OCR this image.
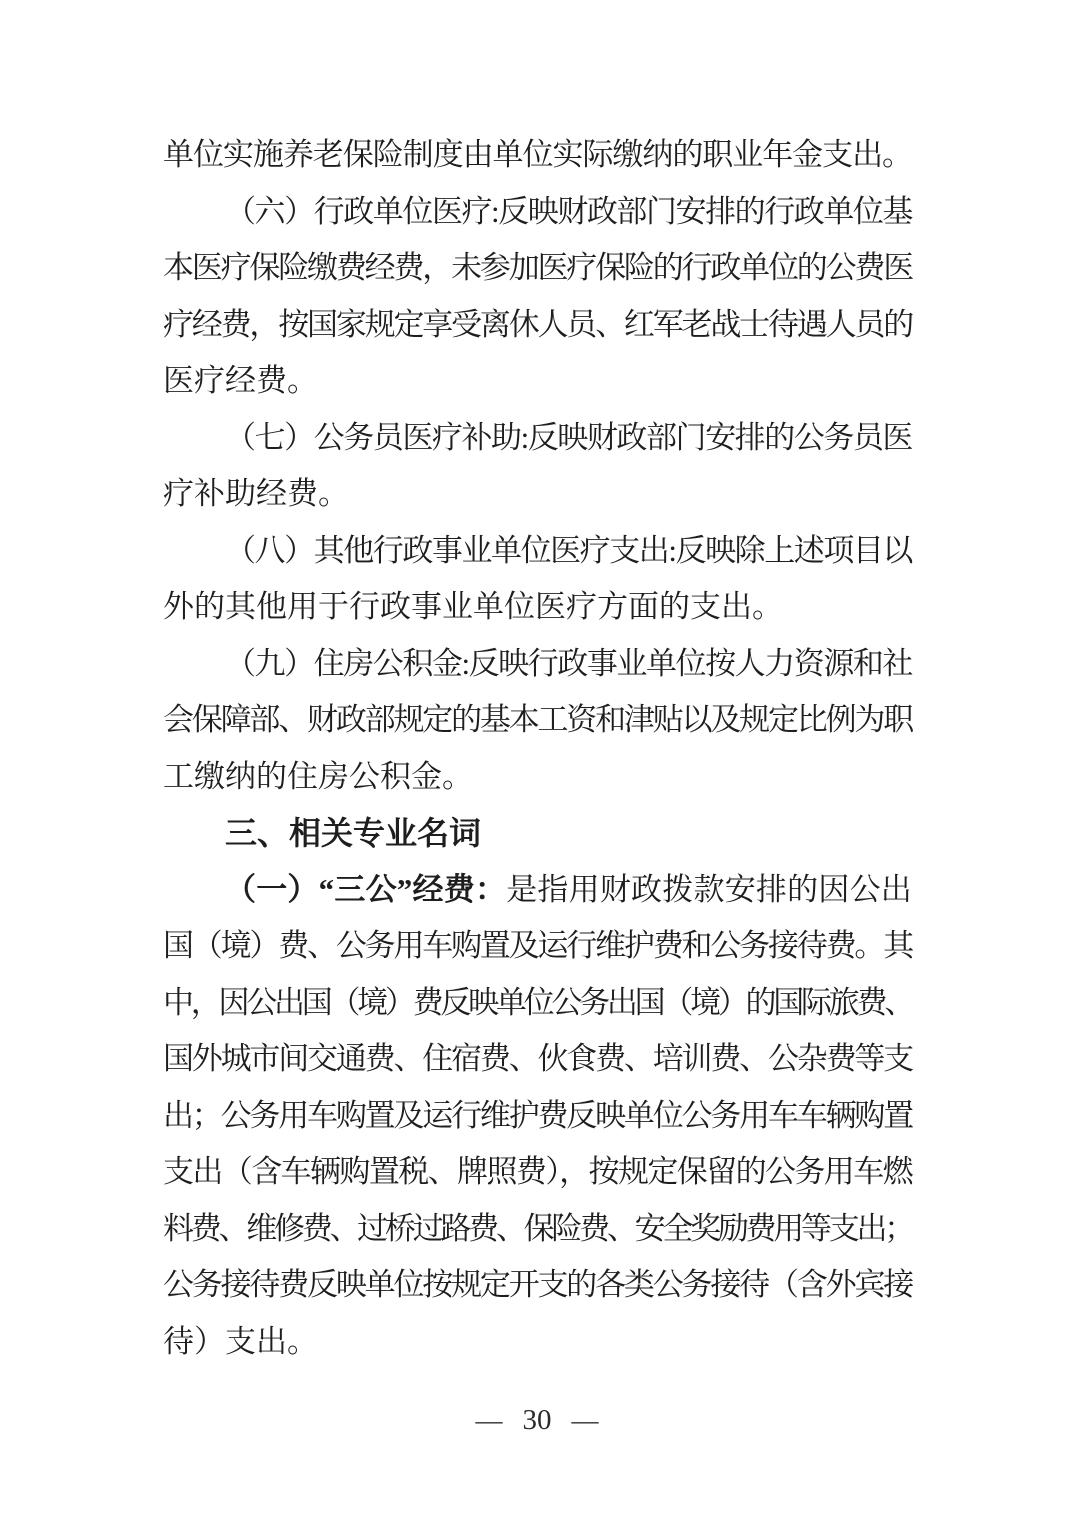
单位实施养老保险制度由单位实际缴纳的职业年金支出。
（六）行政单位医疗:反映财政部门安排的行政单位基
本医疗保险缴费经费，未参加医疗保险的行政单位的公费医
疗经费，按国家规定享受离休人员、红军老战士待遇人员的
医疗经费。
（七）公务员医疗补助:反映财政部门安排的公务员医
疗补助经费。
（八）其他行政事业单位医疗支出:反映除上述项目以
外的其他用于行政事业单位医疗方面的支出。
（九）住房公积金:反映行政事业单位按人力资源和社
会保障部、财政部规定的基本工资和津贴以及规定比例为职
工缴纳的住房公积金。
三、相关专业名词
（一）“三公”经费：是指用财政拨款安排的因公出
国（境）费、公务用车购置及运行维护费和公务接待费。其
中，因公出国（境）费反映单位公务出国（境）的国际旅费、
国外城市间交通费、住宿费、伙食费、培训费、公杂费等支
出；公务用车购置及运行维护费反映单位公务用车车辆购置
支出（含车辆购置税、牌照费），按规定保留的公务用车燃
料费、维修费、过桥过路费、保险费、安全奖励费用等支出；
公务接待费反映单位按规定开支的各类公务接待（含外宾接
待）支出。
— 30 —
